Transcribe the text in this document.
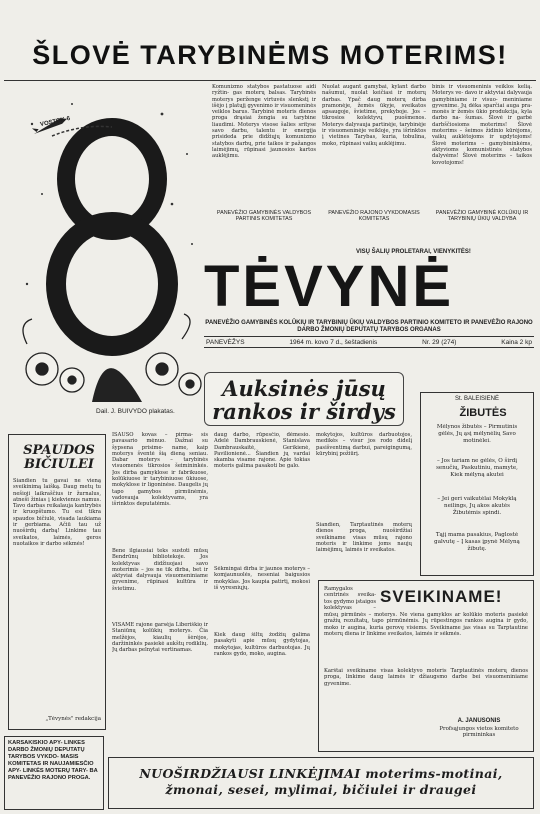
ŠLOVĖ TARYBINĖMS MOTERIMS!
VOSTOK-6
Dail. J. BUIVYDO plakatas.
Komunizmo statybos pastatuose aidi ryžtin- gas moterų balsas. Tarybinės moterys perženge virtuvės slenkstį ir išėjo į platųjį gyvenimo ir visuomeninės veiklos barus. Tarybinė moteris dienos proga drąsiai žengia su tarybine liaudimi. Moterys visose šalies srityse savo darbu, talentu ir energija prisideda prie didžiųjų komunizmo statybos darbų, prie taikos ir pažangos laimėjimų, rūpinasi jaunosios kartos auklėjimu.
Nuolat augant gamybai, kylant darbo našumui, nuolat keičiasi ir moterų darbas. Ypač daug moterų dirba pramonėje, žemės ūkyje, sveikatos apsaugoje, švietime, prekyboje. Jos – tikrosios kolektyvų puošmenos. Moterys dalyvauja partinėje, tarybinėje ir visuomeninėje veikloje, yra išrinktos į vietines Tarybas, kuria, tobulina, moko, rūpinasi vaikų auklėjimu.
binis ir visuomeninis veiklos kelią. Moterys ve- davo ir aktyviai dalyvauja gamybiniame ir visuo- meniniame gyvenime. Jų dėka sparčiai auga pra- monės ir žemės ūkio produkcija, kyla darbo na- šumas. Šlovė ir garbė darbščiosioms moterims! Šlovė moterims – šeimos židinio kūrėjoms, vaikų auklėtojoms ir ugdytojoms! Šlovė moterims – gamybininkėms, aktyvioms komunistinės statybos dalyvėms! Šlovė moterims – taikos kovotojoms!
PANEVĖŽIO GAMYBINĖS VALDYBOS PARTINIS KOMITETAS
PANEVĖŽIO RAJONO VYKDOMASIS KOMITETAS
PANEVĖŽIO GAMYBINĖ KOLŪKIŲ IR TARYBINIŲ ŪKIŲ VALDYBA
VISŲ ŠALIŲ PROLETARAI, VIENYKITĖS!
TĖVYNĖ
PANEVĖŽIO GAMYBINĖS KOLŪKIŲ IR TARYBINIŲ ŪKIŲ VALDYBOS PARTINIO KOMITETO IR PANEVĖŽIO RAJONO DARBO ŽMONIŲ DEPUTATŲ TARYBOS ORGANAS
PANEVĖŽYS	1964 m. kovo 7 d., šeštadienis	Nr. 29 (274)	Kaina 2 kp
Auksinės jūsų rankos ir širdys
IŠAUSO kovas – pirma- sis pavasario mėnuo. Dažnai su šypsena prisime- name, kaip moterys šventė šią dieną seniau. Dabar moterys – tarybinės visuomenės tikrosios šeimininkės. Jos dirba gamyklose ir fabrikuose, kolūkiuose ir tarybiniuose ūkiuose, mokyklose ir ligoninėse. Daugelis jų tapo gamybos pirmūnėmis, vadovauja kolektyvams, yra išrinktos deputatėmis.
Bene ilgiausiai teks sustoti mūsų Bendrūnų bibliotekoje. Jos kolektyvas didžiuojasi savo moterimis – jos ne tik dirba, bet ir aktyviai dalyvauja visuomeniniame gyvenime, rūpinasi kultūra ir švietimu.
VISAME rajone garsėja Liberiškio ir Staniūnų kolūkių moterys. Čia melžėjos, kiaulių šėrėjos, daržininkės pasiekė aukštų rodiklių. Jų darbas pelnytai vertinamas.
daug darbo, rūpesčio, dėmesio. Adelė Dambrauskienė, Stanislava Dambrauskaitė, Gerikienė, Pavilionienė... Šiandien jų vardai skamba visame rajone. Apie tokias moteris galima pasakoti be galo.
Sėkmingai dirba ir jaunos moterys – komjaunuolės, neseniai baigusios mokyklas. Jos kaupia patirtį, mokosi iš vyresniųjų.
Kiek daug šiltų žodžių galima pasakyti apie mūsų gydytojas, mokytojas, kultūros darbuotojas. Jų rankos gydo, moko, augina.
mokytojos, kultūros darbuotojos, medikės – visur jos rodo didelį pasišventimą darbui, pareigingumą, kūrybinį požiūrį.
Šiandien, Tarptautinės moterų dienos proga, nuoširdžiai sveikiname visas mūsų rajono moteris ir linkime joms naujų laimėjimų, laimės ir sveikatos.
SPAUDOS BIČIULEI
Šiandien tu gavai ne vieną sveikinimą laišką. Daug metų tu nešioji laikraščius ir žurnalus, atneši žinias į kiekvienus namus. Tavo darbas reikalauja kantrybės ir kruopštumo. Tu esi tikra spaudos bičiulė, visada laukiama ir gerbiama. Ačiū tau už nuoširdų darbą! Linkime tau sveikatos, laimės, geros nuotaikos ir darbo sėkmės!
„Tėvynės" redakcija
St. BALEISIENĖ
ŽIBUTĖS
Mėlynos žibutės – Pirmutinis gėlės, Jų ąsį mėlynėlių Savo motinėlei.
– Jos tariam ne gėlės, O širdį senučių, Paskutiniu, mamyte, Kiek mėlyną akutei
– Jei geri vaikutėlai Mokyklą neilings, Jų akos akutės Žibutėmis spindi.
Tąjį mama pasakius, Paglostė galvutę – Į kasas įpynė Mėlyną žibutę.
SVEIKINAME!
Ramygalos centrinės sveika- tos gydymo įstaigos kolektyvas –
mūsų pirmūnės – moterys. Ne viena gamyklos ar kolūkio moteris pasiekė gražių rezultatų, tapo pirmūnėmis. Jų rūpestingos rankos augina ir gydo, moko ir augina, kuria gerovę visiems. Sveikiname jas visas su Tarptautine moterų diena ir linkime sveikatos, laimės ir sėkmės.
Karštai sveikiname visas kolektyvo moteris Tarptautinės moterų dienos proga, linkime daug laimės ir džiaugsmo darbe bei visuomeniniame gyvenime.
A. JANUSONIS
Profsąjungos vietos komiteto pirmininkas
KARSAKIŠKIO APY- LINKĖS DARBO ŽMONIŲ DEPUTATŲ TARYBOS VYKDO- MASIS KOMITETAS IR NAUJAMIESČIO APY- LINKĖS MOTERŲ TARY- BA PANEVĖŽIO RAJONO PROGA.	NUOŠIRDŽIAUSI LINKĖJIMAI moterims-motinai, žmonai, sesei, mylimai, bičiulei ir draugei
